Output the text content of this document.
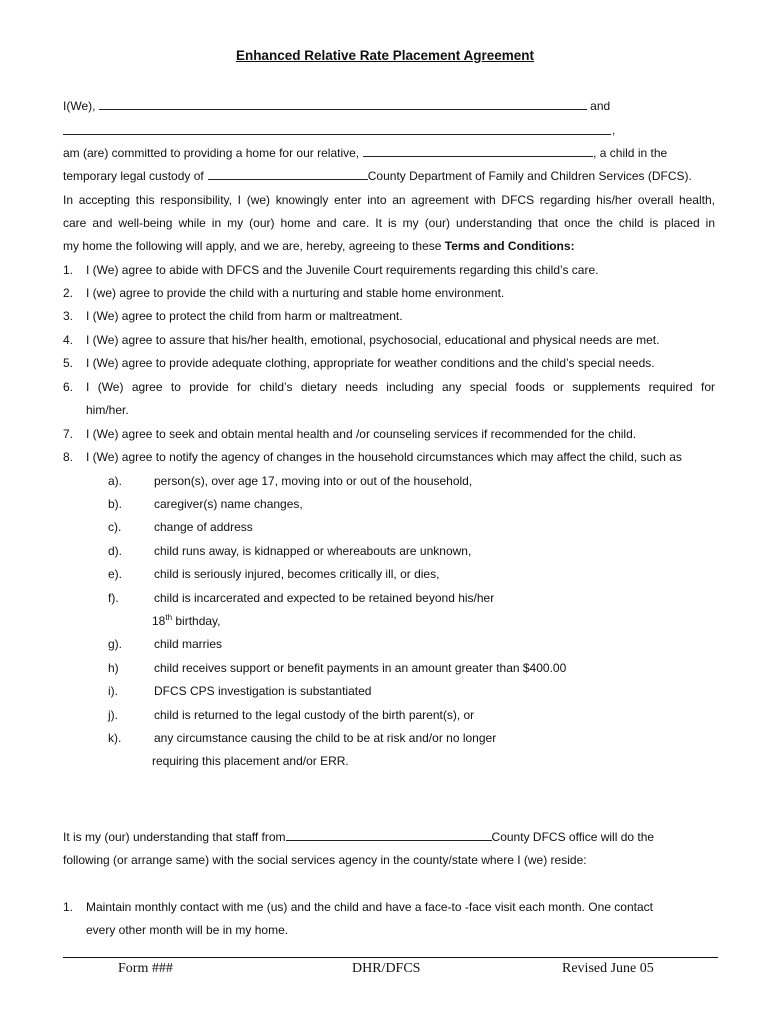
Enhanced Relative Rate Placement Agreement
I(We),	and
,
am (are) committed to providing a home for our relative,	, a child in the
temporary legal custody of	County Department of Family and Children Services (DFCS).
In accepting this responsibility, I (we) knowingly enter into an agreement with DFCS regarding his/her overall health,
care and well-being while in my (our) home and care. It is my (our) understanding that once the child is placed in
my home the following will apply, and we are, hereby, agreeing to these Terms and Conditions:
1. I (We) agree to abide with DFCS and the Juvenile Court requirements regarding this child’s care.
2. I (we) agree to provide the child with a nurturing and stable home environment.
3. I (We) agree to protect the child from harm or maltreatment.
4. I (We) agree to assure that his/her health, emotional, psychosocial, educational and physical needs are met.
5. I (We) agree to provide adequate clothing, appropriate for weather conditions and the child’s special needs.
6. I (We) agree to provide for child’s dietary needs including any special foods or supplements required for
him/her.
7. I (We) agree to seek and obtain mental health and /or counseling services if recommended for the child.
8. I (We) agree to notify the agency of changes in the household circumstances which may affect the child, such as
a).	person(s), over age 17, moving into or out of the household,
b).	caregiver(s) name changes,
c).	change of address
d).	child runs away, is kidnapped or whereabouts are unknown,
e).	child is seriously injured, becomes critically ill, or dies,
f).	child is incarcerated and expected to be retained beyond his/her
18th birthday,
g).	child marries
h)	child receives support or benefit payments in an amount greater than $400.00
i).	DFCS CPS investigation is substantiated
j).	child is returned to the legal custody of the birth parent(s), or
k).	any circumstance causing the child to be at risk and/or no longer
requiring this placement and/or ERR.
It is my (our) understanding that staff from	County DFCS office will do the
following (or arrange same) with the social services agency in the county/state where I (we) reside:
1. Maintain monthly contact with me (us) and the child and have a face-to -face visit each month. One contact
every other month will be in my home.
Form ###	DHR/DFCS	Revised June 05
